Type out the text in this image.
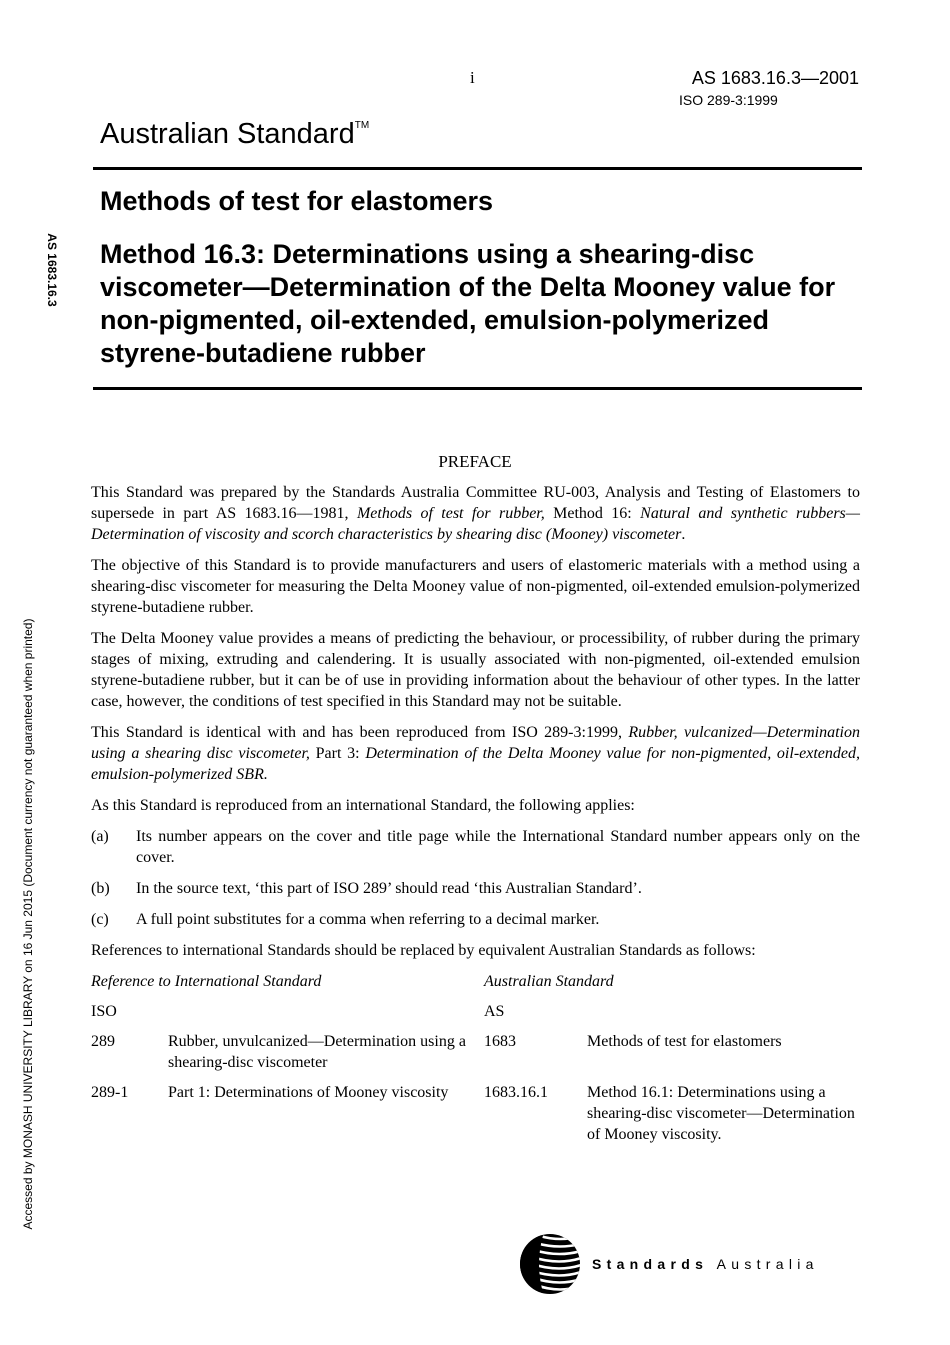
i	AS 1683.16.3—2001
ISO 289-3:1999
Australian Standard™
Methods of test for elastomers
Method 16.3: Determinations using a shearing-disc viscometer—Determination of the Delta Mooney value for non-pigmented, oil-extended, emulsion-polymerized styrene-butadiene rubber
AS 1683.16.3
Accessed by MONASH UNIVERSITY LIBRARY on 16 Jun 2015 (Document currency not guaranteed when printed)
PREFACE

This Standard was prepared by the Standards Australia Committee RU-003, Analysis and Testing of Elastomers to supersede in part AS 1683.16—1981, Methods of test for rubber, Method 16: Natural and synthetic rubbers—Determination of viscosity and scorch characteristics by shearing disc (Mooney) viscometer.

The objective of this Standard is to provide manufacturers and users of elastomeric materials with a method using a shearing-disc viscometer for measuring the Delta Mooney value of non-pigmented, oil-extended emulsion-polymerized styrene-butadiene rubber.

The Delta Mooney value provides a means of predicting the behaviour, or processibility, of rubber during the primary stages of mixing, extruding and calendering. It is usually associated with non-pigmented, oil-extended emulsion styrene-butadiene rubber, but it can be of use in providing information about the behaviour of other types. In the latter case, however, the conditions of test specified in this Standard may not be suitable.

This Standard is identical with and has been reproduced from ISO 289-3:1999, Rubber, vulcanized—Determination using a shearing disc viscometer, Part 3: Determination of the Delta Mooney value for non-pigmented, oil-extended, emulsion-polymerized SBR.

As this Standard is reproduced from an international Standard, the following applies:

(a)	Its number appears on the cover and title page while the International Standard number appears only on the cover.
(b)	In the source text, ‘this part of ISO 289’ should read ‘this Australian Standard’.
(c)	A full point substitutes for a comma when referring to a decimal marker.

References to international Standards should be replaced by equivalent Australian Standards as follows:

Reference to International Standard		Australian Standard	
ISO		AS	
289	Rubber, unvulcanized—Determination using a shearing-disc viscometer	1683	Methods of test for elastomers
289-1	Part 1: Determinations of Mooney viscosity	1683.16.1	Method 16.1: Determinations using a shearing-disc viscometer—Determination of Mooney viscosity.
Standards Australia
